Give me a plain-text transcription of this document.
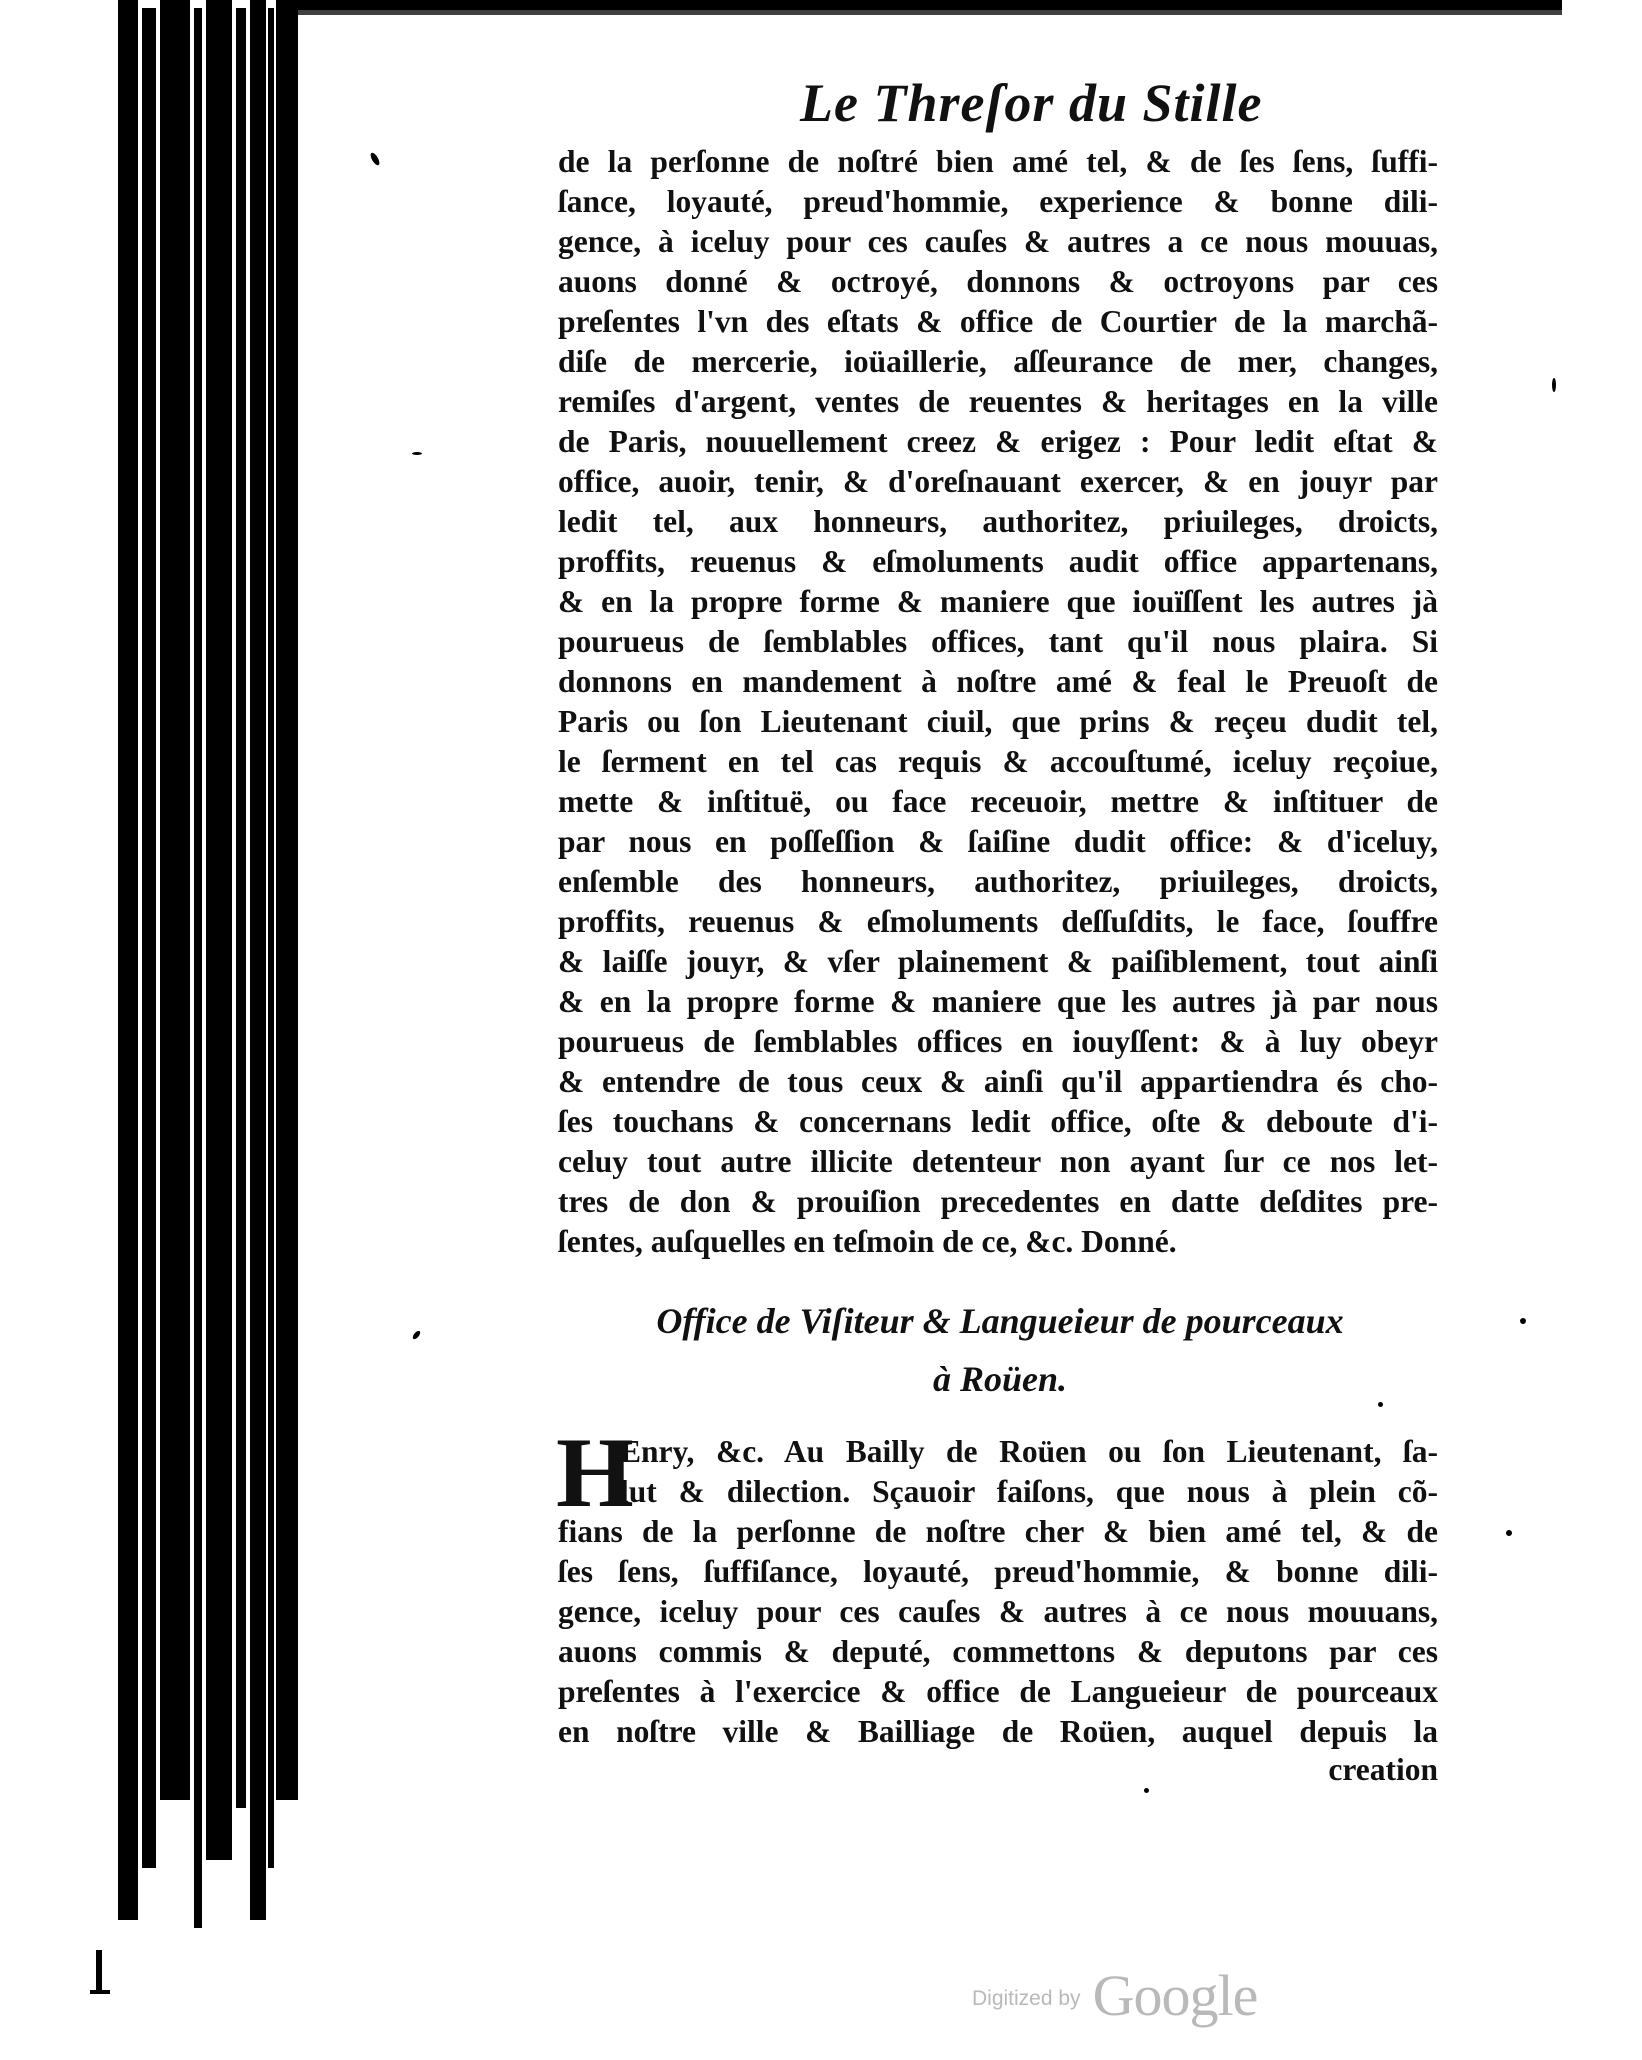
Le Threſor du Stille
de la perſonne de noſtré bien amé tel, & de ſes ſens, ſuffi-
ſance, loyauté, preud'hommie, experience & bonne dili-
gence, à iceluy pour ces cauſes & autres a ce nous mouuas,
auons donné & octroyé, donnons & octroyons par ces
preſentes l'vn des eſtats & office de Courtier de la marchã-
diſe de mercerie, ioüaillerie, aſſeurance de mer, changes,
remiſes d'argent, ventes de reuentes & heritages en la ville
de Paris, nouuellement creez & erigez : Pour ledit eſtat &
office, auoir, tenir, & d'oreſnauant exercer, & en jouyr par
ledit tel, aux honneurs, authoritez, priuileges, droicts,
proffits, reuenus & eſmoluments audit office appartenans,
& en la propre forme & maniere que iouïſſent les autres jà
pourueus de ſemblables offices, tant qu'il nous plaira. Si
donnons en mandement à noſtre amé & feal le Preuoſt de
Paris ou ſon Lieutenant ciuil, que prins & reçeu dudit tel,
le ſerment en tel cas requis & accouſtumé, iceluy reçoiue,
mette & inſtituë, ou face receuoir, mettre & inſtituer de
par nous en poſſeſſion & ſaiſine dudit office: & d'iceluy,
enſemble des honneurs, authoritez, priuileges, droicts,
proffits, reuenus & eſmoluments deſſuſdits, le face, ſouffre
& laiſſe jouyr, & vſer plainement & paiſiblement, tout ainſi
& en la propre forme & maniere que les autres jà par nous
pourueus de ſemblables offices en iouyſſent: & à luy obeyr
& entendre de tous ceux & ainſi qu'il appartiendra és cho-
ſes touchans & concernans ledit office, oſte & deboute d'i-
celuy tout autre illicite detenteur non ayant ſur ce nos let-
tres de don & prouiſion precedentes en datte deſdites pre-
ſentes, auſquelles en teſmoin de ce, &c. Donné.
Office de Viſiteur & Langueieur de pourceaux
à Roüen.
H
Enry, &c. Au Bailly de Roüen ou ſon Lieutenant, ſa-
lut & dilection. Sçauoir faiſons, que nous à plein cõ-
fians de la perſonne de noſtre cher & bien amé tel, & de
ſes ſens, ſuffiſance, loyauté, preud'hommie, & bonne dili-
gence, iceluy pour ces cauſes & autres à ce nous mouuans,
auons commis & deputé, commettons & deputons par ces
preſentes à l'exercice & office de Langueieur de pourceaux
en noſtre ville & Bailliage de Roüen, auquel depuis la
creation
Digitized by Google
